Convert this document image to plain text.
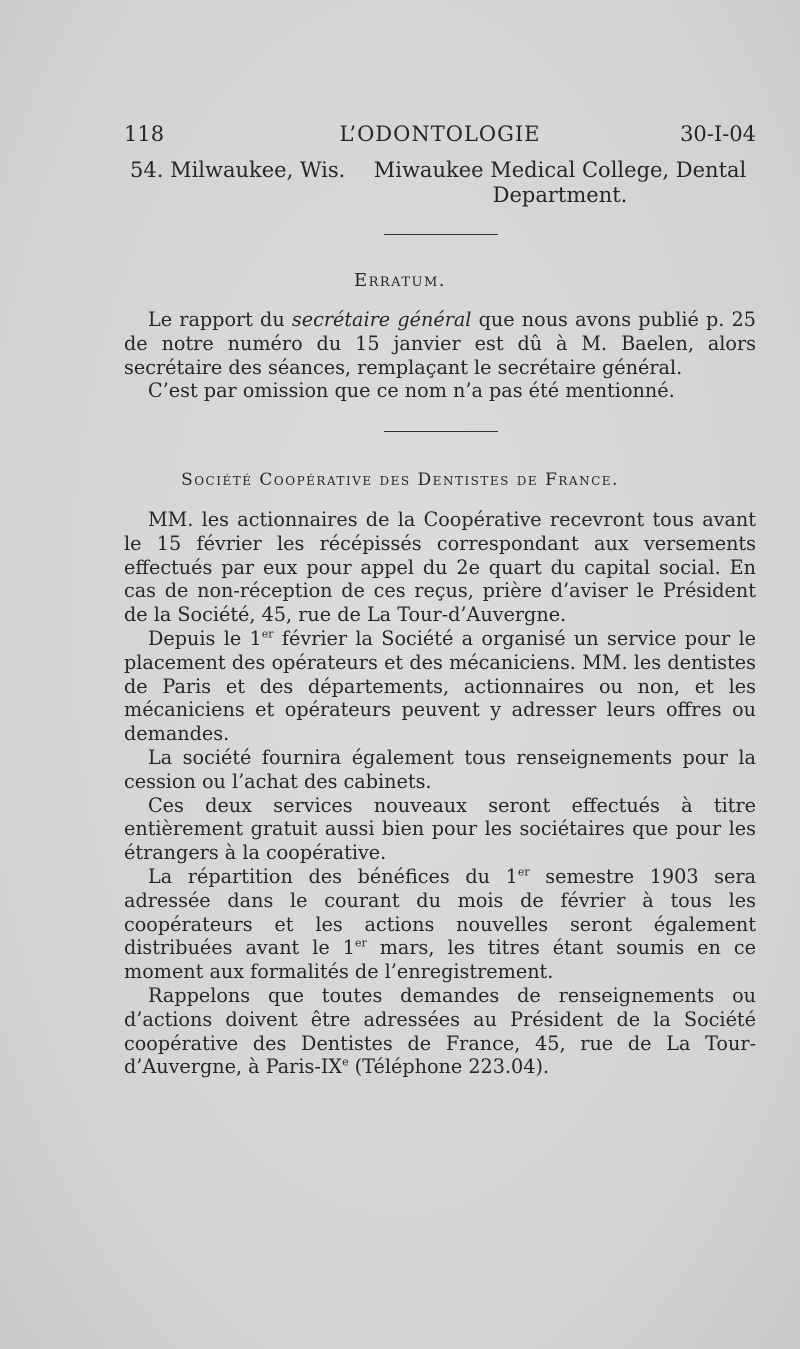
118	L’ODONTOLOGIE	30-I-04
54. Milwaukee, Wis.	Miwaukee Medical College, Dental Department.
Erratum.

Le rapport du secrétaire général que nous avons publié p. 25 de notre numéro du 15 janvier est dû à M. Baelen, alors secrétaire des séances, remplaçant le secrétaire général.

C’est par omission que ce nom n’a pas été mentionné.

Société Coopérative des Dentistes de France.

MM. les actionnaires de la Coopérative recevront tous avant le 15 février les récépissés correspondant aux versements effectués par eux pour appel du 2e quart du capital social. En cas de non-réception de ces reçus, prière d’aviser le Président de la Société, 45, rue de La Tour-d’Auvergne.

Depuis le 1er février la Société a organisé un service pour le placement des opérateurs et des mécaniciens. MM. les dentistes de Paris et des départements, actionnaires ou non, et les mécaniciens et opérateurs peuvent y adresser leurs offres ou demandes.

La société fournira également tous renseignements pour la cession ou l’achat des cabinets.

Ces deux services nouveaux seront effectués à titre entièrement gratuit aussi bien pour les sociétaires que pour les étrangers à la coopérative.

La répartition des bénéfices du 1er semestre 1903 sera adressée dans le courant du mois de février à tous les coopérateurs et les actions nouvelles seront également distribuées avant le 1er mars, les titres étant soumis en ce moment aux formalités de l’enregistrement.

Rappelons que toutes demandes de renseignements ou d’actions doivent être adressées au Président de la Société coopérative des Dentistes de France, 45, rue de La Tour-d’Auvergne, à Paris-IXe (Téléphone 223.04).
